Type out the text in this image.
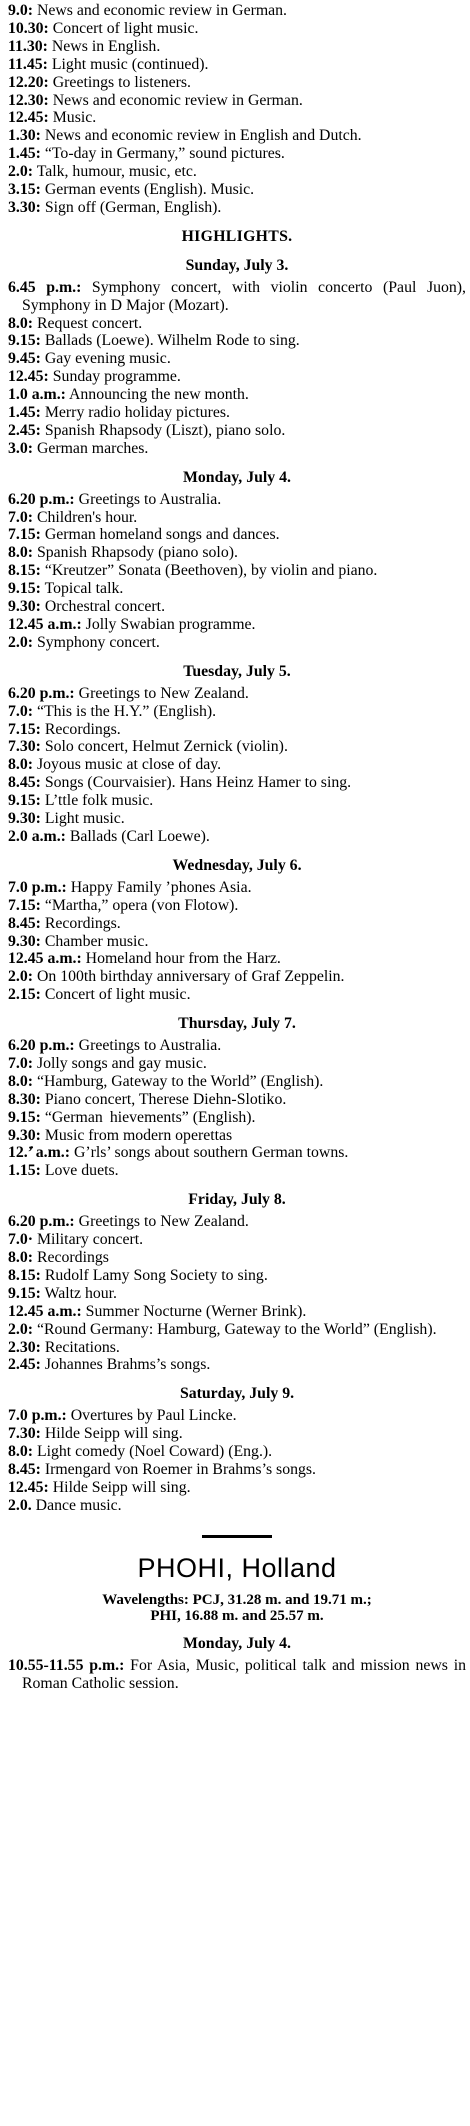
9.0: News and economic review in German.
10.30: Concert of light music.
11.30: News in English.
11.45: Light music (continued).
12.20: Greetings to listeners.
12.30: News and economic review in German.
12.45: Music.
1.30: News and economic review in English and Dutch.
1.45: “To-day in Germany,” sound pictures.
2.0: Talk, humour, music, etc.
3.15: German events (English). Music.
3.30: Sign off (German, English).
HIGHLIGHTS.
Sunday, July 3.
6.45 p.m.: Symphony concert, with violin concerto (Paul Juon), Symphony in D Major (Mozart).
8.0: Request concert.
9.15: Ballads (Loewe). Wilhelm Rode to sing.
9.45: Gay evening music.
12.45: Sunday programme.
1.0 a.m.: Announcing the new month.
1.45: Merry radio holiday pictures.
2.45: Spanish Rhapsody (Liszt), piano solo.
3.0: German marches.
Monday, July 4.
6.20 p.m.: Greetings to Australia.
7.0: Children's hour.
7.15: German homeland songs and dances.
8.0: Spanish Rhapsody (piano solo).
8.15: “Kreutzer” Sonata (Beethoven), by violin and piano.
9.15: Topical talk.
9.30: Orchestral concert.
12.45 a.m.: Jolly Swabian programme.
2.0: Symphony concert.
Tuesday, July 5.
6.20 p.m.: Greetings to New Zealand.
7.0: “This is the H.Y.” (English).
7.15: Recordings.
7.30: Solo concert, Helmut Zernick (violin).
8.0: Joyous music at close of day.
8.45: Songs (Courvaisier). Hans Heinz Hamer to sing.
9.15: L’ttle folk music.
9.30: Light music.
2.0 a.m.: Ballads (Carl Loewe).
Wednesday, July 6.
7.0 p.m.: Happy Family ’phones Asia.
7.15: “Martha,” opera (von Flotow).
8.45: Recordings.
9.30: Chamber music.
12.45 a.m.: Homeland hour from the Harz.
2.0: On 100th birthday anniversary of Graf Zeppelin.
2.15: Concert of light music.
Thursday, July 7.
6.20 p.m.: Greetings to Australia.
7.0: Jolly songs and gay music.
8.0: “Hamburg, Gateway to the World” (English).
8.30: Piano concert, Therese Diehn-Slotiko.
9.15: “German  hievements” (English).
9.30: Music from modern operettas
12.’̇ a.m.: G’rls’ songs about southern German towns.
1.15: Love duets.
Friday, July 8.
6.20 p.m.: Greetings to New Zealand.
7.0· Military concert.
8.0: Recordings
8.15: Rudolf Lamy Song Society to sing.
9.15: Waltz hour.
12.45 a.m.: Summer Nocturne (Werner Brink).
2.0: “Round Germany: Hamburg, Gateway to the World” (English).
2.30: Recitations.
2.45: Johannes Brahms’s songs.
Saturday, July 9.
7.0 p.m.: Overtures by Paul Lincke.
7.30: Hilde Seipp will sing.
8.0: Light comedy (Noel Coward) (Eng.).
8.45: Irmengard von Roemer in Brahms’s songs.
12.45: Hilde Seipp will sing.
2.0. Dance music.
PHOHI, Holland
Wavelengths: PCJ, 31.28 m. and 19.71 m.;
PHI, 16.88 m. and 25.57 m.
Monday, July 4.
10.55-11.55 p.m.: For Asia, Music, political talk and mission news in Roman Catholic session.
